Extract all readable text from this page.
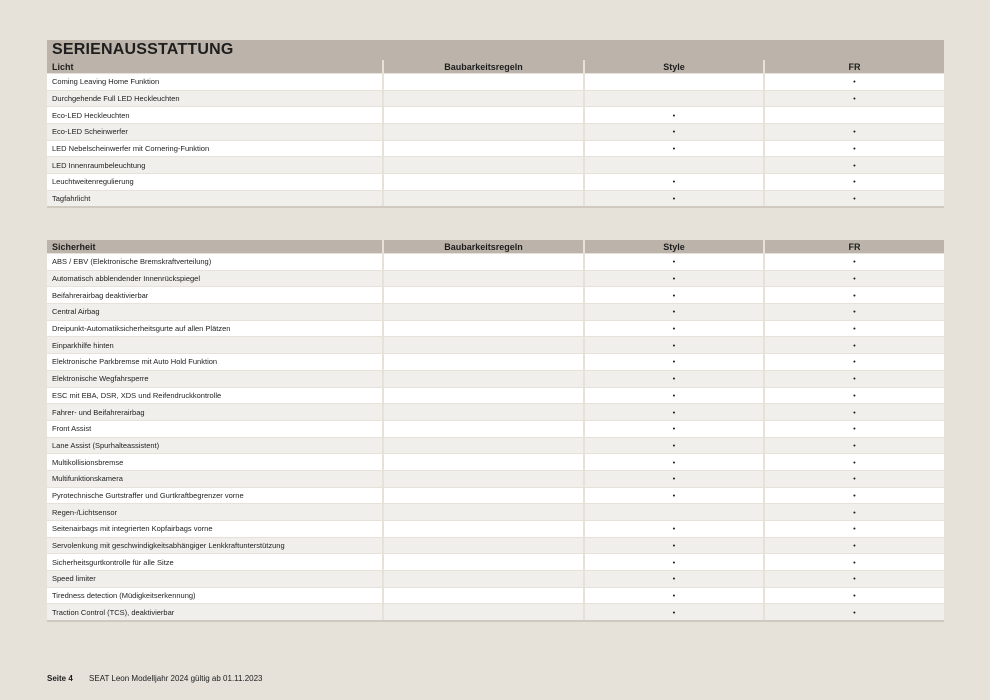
SERIENAUSSTATTUNG
Licht	Baubarkeitsregeln	Style	FR
Coming Leaving Home Funktion			•
Durchgehende Full LED Heckleuchten			•
Eco-LED Heckleuchten		•	
Eco-LED Scheinwerfer		•	•
LED Nebelscheinwerfer mit Cornering-Funktion		•	•
LED Innenraumbeleuchtung			•
Leuchtweitenregulierung		•	•
Tagfahrlicht		•	•
Sicherheit	Baubarkeitsregeln	Style	FR
ABS / EBV (Elektronische Bremskraftverteilung)		•	•
Automatisch abblendender Innenrückspiegel		•	•
Beifahrerairbag deaktivierbar		•	•
Central Airbag		•	•
Dreipunkt-Automatiksicherheitsgurte auf allen Plätzen		•	•
Einparkhilfe hinten		•	•
Elektronische Parkbremse mit Auto Hold Funktion		•	•
Elektronische Wegfahrsperre		•	•
ESC mit EBA, DSR, XDS und Reifendruckkontrolle		•	•
Fahrer- und Beifahrerairbag		•	•
Front Assist		•	•
Lane Assist (Spurhalteassistent)		•	•
Multikollisionsbremse		•	•
Multifunktionskamera		•	•
Pyrotechnische Gurtstraffer und Gurtkraftbegrenzer vorne		•	•
Regen-/Lichtsensor			•
Seitenairbags mit integrierten Kopfairbags vorne		•	•
Servolenkung mit geschwindigkeitsabhängiger Lenkkraftunterstützung		•	•
Sicherheitsgurtkontrolle für alle Sitze		•	•
Speed limiter		•	•
Tiredness detection (Müdigkeitserkennung)		•	•
Traction Control (TCS), deaktivierbar		•	•
Seite 4 SEAT Leon Modelljahr 2024 gültig ab 01.11.2023
